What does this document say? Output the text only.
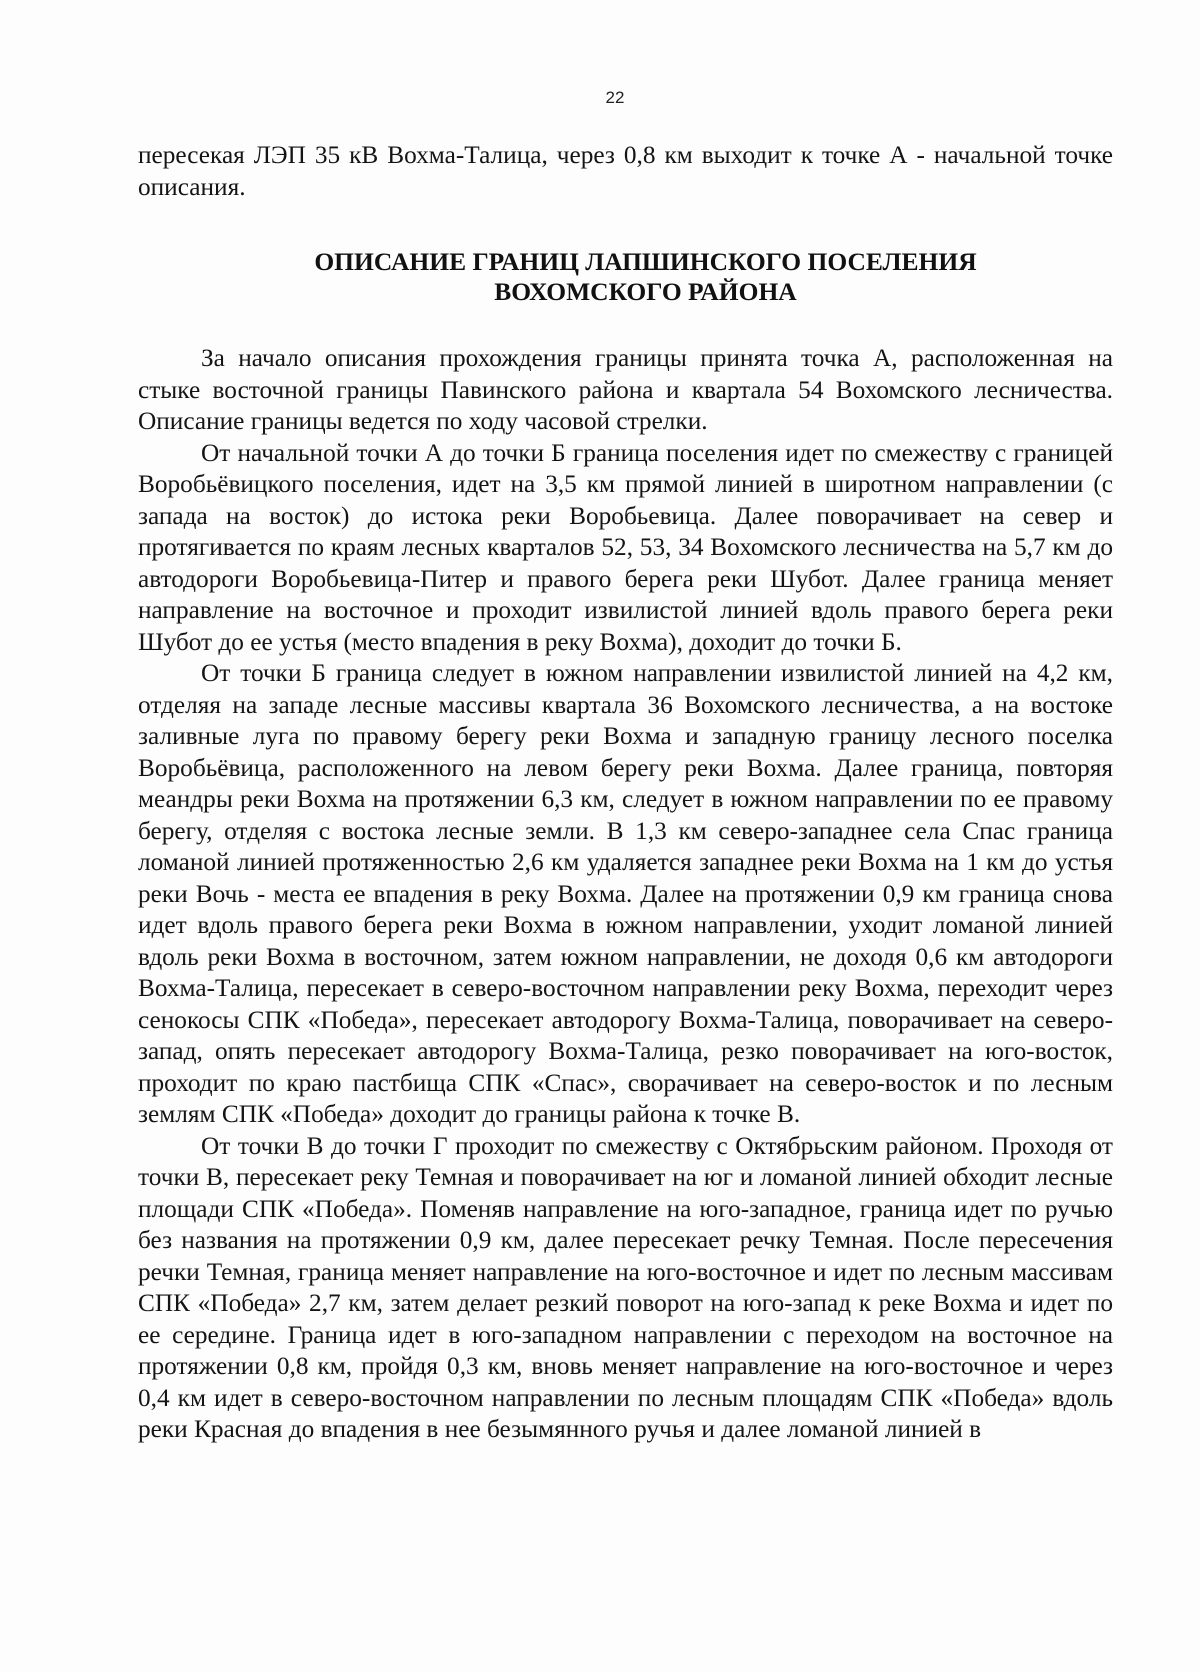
22

пересекая ЛЭП 35 кВ Вохма-Талица, через 0,8 км выходит к точке А - начальной точке описания.

ОПИСАНИЕ ГРАНИЦ ЛАПШИНСКОГО ПОСЕЛЕНИЯ
ВОХОМСКОГО РАЙОНА

За начало описания прохождения границы принята точка А, расположенная на стыке восточной границы Павинского района и квартала 54 Вохомского лесничества. Описание границы ведется по ходу часовой стрелки.

От начальной точки А до точки Б граница поселения идет по смежеству с границей Воробьёвицкого поселения, идет на 3,5 км прямой линией в широтном направлении (с запада на восток) до истока реки Воробьевица. Далее поворачивает на север и протягивается по краям лесных кварталов 52, 53, 34 Вохомского лесничества на 5,7 км до автодороги Воробьевица-Питер и правого берега реки Шубот. Далее граница меняет направление на восточное и проходит извилистой линией вдоль правого берега реки Шубот до ее устья (место впадения в реку Вохма), доходит до точки Б.

От точки Б граница следует в южном направлении извилистой линией на 4,2 км, отделяя на западе лесные массивы квартала 36 Вохомского лесничества, а на востоке заливные луга по правому берегу реки Вохма и западную границу лесного поселка Воробьёвица, расположенного на левом берегу реки Вохма. Далее граница, повторяя меандры реки Вохма на протяжении 6,3 км, следует в южном направлении по ее правому берегу, отделяя с востока лесные земли. В 1,3 км северо-западнее села Спас граница ломаной линией протяженностью 2,6 км удаляется западнее реки Вохма на 1 км до устья реки Вочь - места ее впадения в реку Вохма. Далее на протяжении 0,9 км граница снова идет вдоль правого берега реки Вохма в южном направлении, уходит ломаной линией вдоль реки Вохма в восточном, затем южном направлении, не доходя 0,6 км автодороги Вохма-Талица, пересекает в северо-восточном направлении реку Вохма, переходит через сенокосы СПК «Победа», пересекает автодорогу Вохма-Талица, поворачивает на северо-запад, опять пересекает автодорогу Вохма-Талица, резко поворачивает на юго-восток, проходит по краю пастбища СПК «Спас», сворачивает на северо-восток и по лесным землям СПК «Победа» доходит до границы района к точке В.

От точки В до точки Г проходит по смежеству с Октябрьским районом. Проходя от точки В, пересекает реку Темная и поворачивает на юг и ломаной линией обходит лесные площади СПК «Победа». Поменяв направление на юго-западное, граница идет по ручью без названия на протяжении 0,9 км, далее пересекает речку Темная. После пересечения речки Темная, граница меняет направление на юго-восточное и идет по лесным массивам СПК «Победа» 2,7 км, затем делает резкий поворот на юго-запад к реке Вохма и идет по ее середине. Граница идет в юго-западном направлении с переходом на восточное на протяжении 0,8 км, пройдя 0,3 км, вновь меняет направление на юго-восточное и через 0,4 км идет в северо-восточном направлении по лесным площадям СПК «Победа» вдоль реки Красная до впадения в нее безымянного ручья и далее ломаной линией в
